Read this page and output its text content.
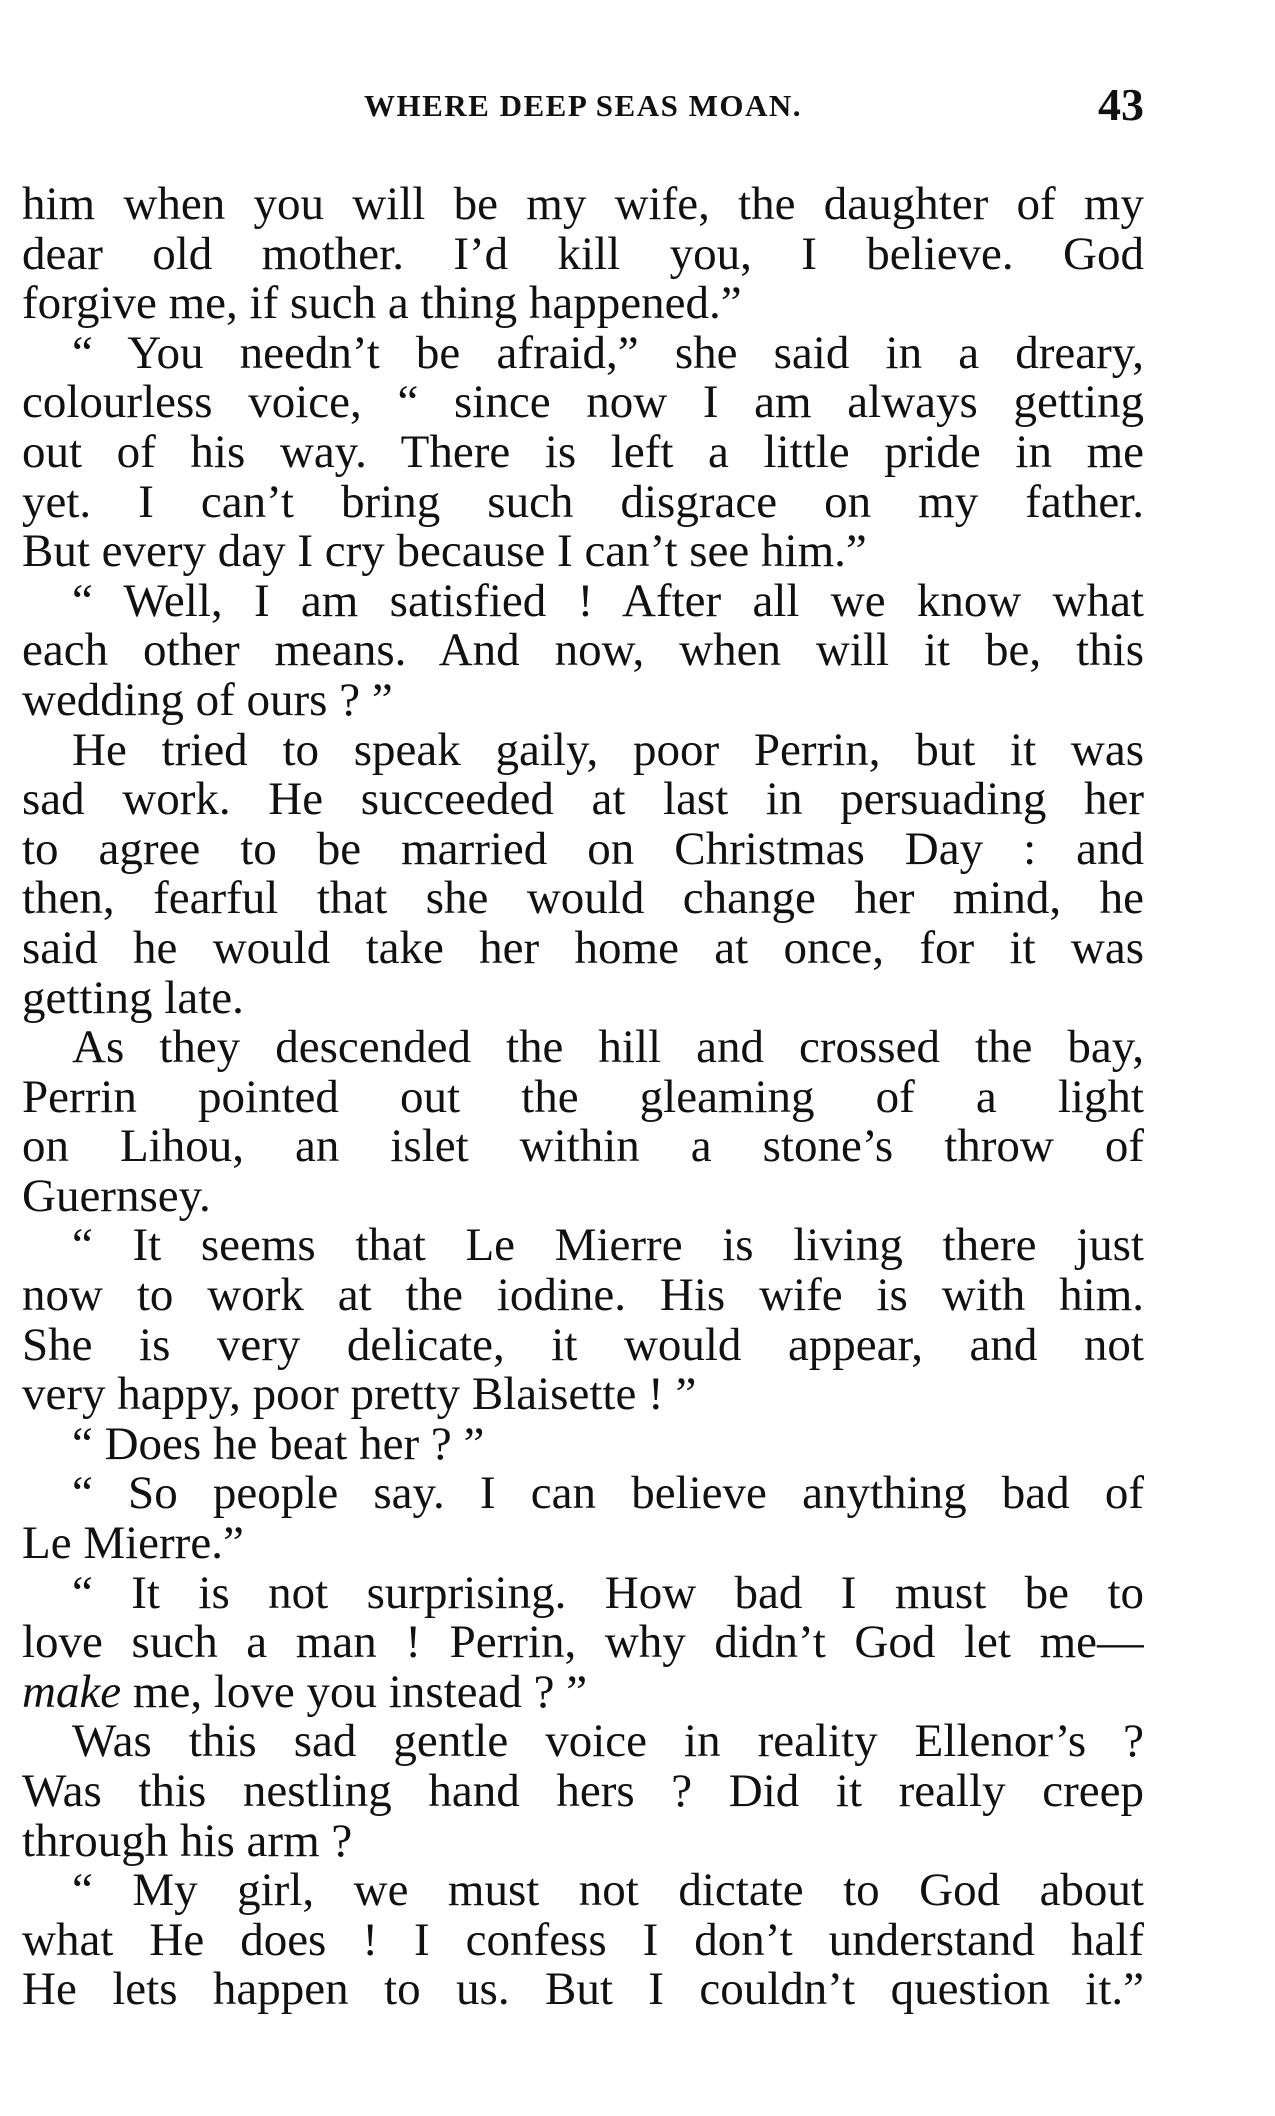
WHERE DEEP SEAS MOAN.	43
him when you will be my wife, the daughter of my
dear old mother. I’d kill you, I believe. God
forgive me, if such a thing happened.”
“ You needn’t be afraid,” she said in a dreary,
colourless voice, “ since now I am always getting
out of his way. There is left a little pride in me
yet. I can’t bring such disgrace on my father.
But every day I cry because I can’t see him.”
“ Well, I am satisfied ! After all we know what
each other means. And now, when will it be, this
wedding of ours ? ”
He tried to speak gaily, poor Perrin, but it was
sad work. He succeeded at last in persuading her
to agree to be married on Christmas Day : and
then, fearful that she would change her mind, he
said he would take her home at once, for it was
getting late.
As they descended the hill and crossed the bay,
Perrin pointed out the gleaming of a light
on Lihou, an islet within a stone’s throw of
Guernsey.
“ It seems that Le Mierre is living there just
now to work at the iodine. His wife is with him.
She is very delicate, it would appear, and not
very happy, poor pretty Blaisette ! ”
“ Does he beat her ? ”
“ So people say. I can believe anything bad of
Le Mierre.”
“ It is not surprising. How bad I must be to
love such a man ! Perrin, why didn’t God let me—
make me, love you instead ? ”
Was this sad gentle voice in reality Ellenor’s ?
Was this nestling hand hers ? Did it really creep
through his arm ?
“ My girl, we must not dictate to God about
what He does ! I confess I don’t understand half
He lets happen to us. But I couldn’t question it.”
